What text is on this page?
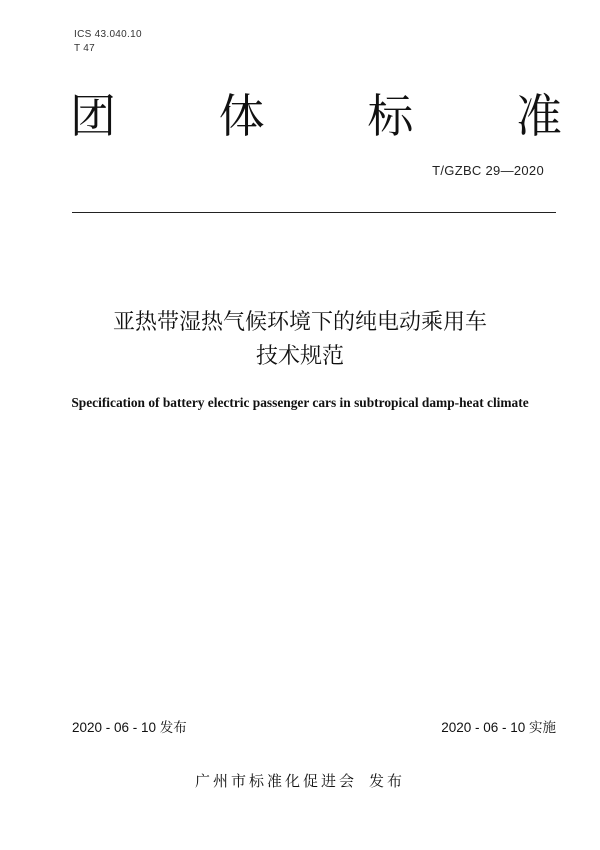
ICS 43.040.10
T 47
团 体 标 准
T/GZBC 29—2020
亚热带湿热气候环境下的纯电动乘用车
技术规范
Specification of battery electric passenger cars in subtropical damp-heat climate
2020 - 06 - 10 发布	2020 - 06 - 10 实施
广州市标准化促进会 发布
